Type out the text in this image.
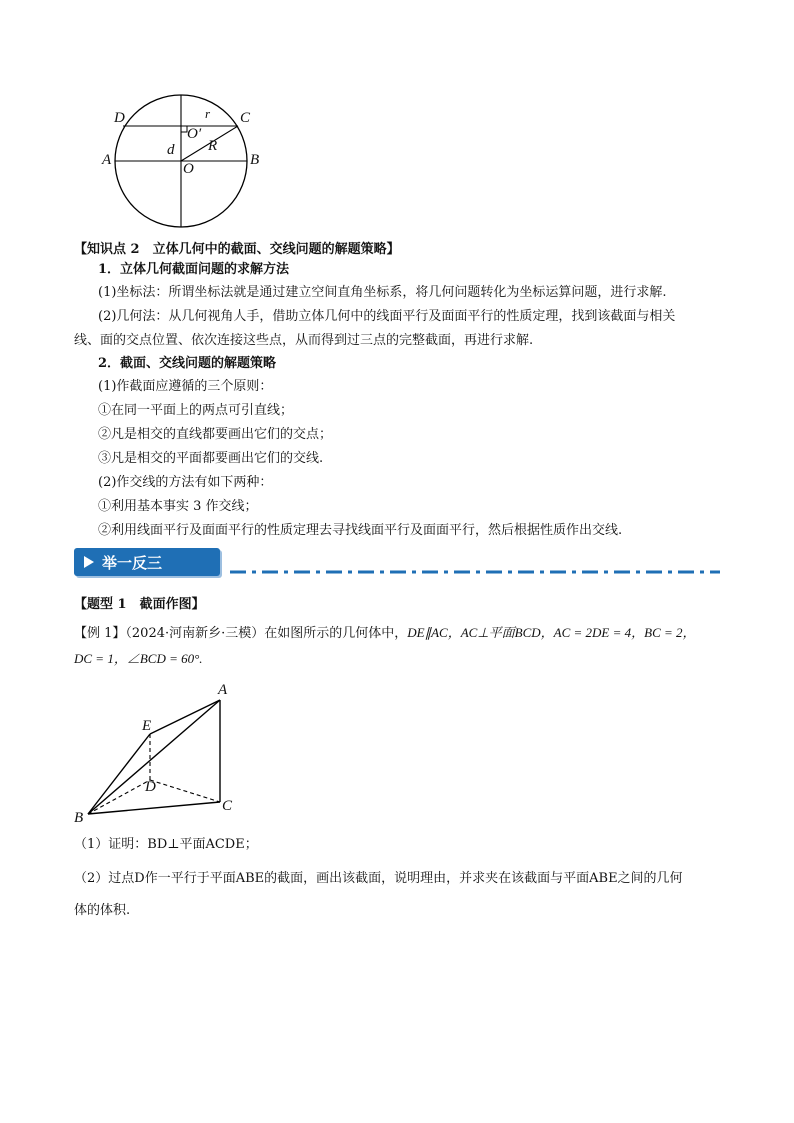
D	C
r
O′
A	B
d R
O
【知识点 2　立体几何中的截面、交线问题的解题策略】
1．立体几何截面问题的求解方法
(1)坐标法：所谓坐标法就是通过建立空间直角坐标系，将几何问题转化为坐标运算问题，进行求解.
(2)几何法：从几何视角人手，借助立体几何中的线面平行及面面平行的性质定理，找到该截面与相关
线、面的交点位置、依次连接这些点，从而得到过三点的完整截面，再进行求解.
2．截面、交线问题的解题策略
(1)作截面应遵循的三个原则：
①在同一平面上的两点可引直线；
②凡是相交的直线都要画出它们的交点；
③凡是相交的平面都要画出它们的交线.
(2)作交线的方法有如下两种：
①利用基本事实 3 作交线；
②利用线面平行及面面平行的性质定理去寻找线面平行及面面平行，然后根据性质作出交线.
举一反三
【题型 1　截面作图】
【例 1】（2024·河南新乡·三模）在如图所示的几何体中，DE∥AC，AC⊥平面BCD，AC = 2DE = 4，BC = 2，
DC = 1，∠BCD = 60°.
A
E
D
B
C
（1）证明：BD⊥平面ACDE；
（2）过点D作一平行于平面ABE的截面，画出该截面，说明理由，并求夹在该截面与平面ABE之间的几何
体的体积.
